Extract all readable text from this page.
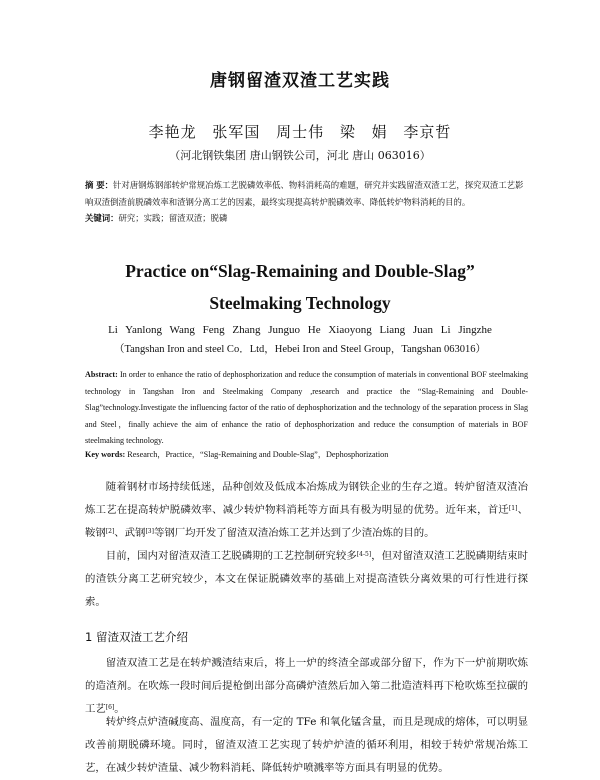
唐钢留渣双渣工艺实践
李艳龙 张军国 周士伟 梁 娟 李京哲
（河北钢铁集团 唐山钢铁公司，河北 唐山 063016）
摘 要：针对唐钢炼钢部转炉常规冶炼工艺脱磷效率低、物料消耗高的难题，研究并实践留渣双渣工艺，探究双渣工艺影响双渣倒渣前脱磷效率和渣钢分离工艺的因素，最终实现提高转炉脱磷效率、降低转炉物料消耗的目的。
关键词：研究；实践；留渣双渣；脱磷
Practice on“Slag-Remaining and Double-Slag”
Steelmaking Technology
Li Yanlong Wang Feng Zhang Junguo He Xiaoyong Liang Juan Li Jingzhe
（Tangshan Iron and steel Co．Ltd，Hebei Iron and Steel Group，Tangshan 063016）
Abstract: In order to enhance the ratio of dephosphorization and reduce the consumption of materials in conventional BOF steelmaking technology in Tangshan Iron and Steelmaking Company ,research and practice the “Slag-Remaining and Double-Slag”technology.Investigate the influencing factor of the ratio of dephosphorization and the technology of the separation process in Slag and Steel，finally achieve the aim of enhance the ratio of dephosphorization and reduce the consumption of materials in BOF steelmaking technology.
Key words: Research，Practice，“Slag-Remaining and Double-Slag”，Dephosphorization

随着钢材市场持续低迷，品种创效及低成本冶炼成为钢铁企业的生存之道。转炉留渣双渣冶炼工艺在提高转炉脱磷效率、减少转炉物料消耗等方面具有极为明显的优势。近年来，首迁[1]、鞍钢[2]、武钢[3]等钢厂均开发了留渣双渣冶炼工艺并达到了少渣冶炼的目的。

目前，国内对留渣双渣工艺脱磷期的工艺控制研究较多[4-5]，但对留渣双渣工艺脱磷期结束时的渣铁分离工艺研究较少，本文在保证脱磷效率的基础上对提高渣铁分离效果的可行性进行探索。

1 留渣双渣工艺介绍

留渣双渣工艺是在转炉溅渣结束后，将上一炉的终渣全部或部分留下，作为下一炉前期吹炼的造渣剂。在吹炼一段时间后提枪倒出部分高磷炉渣然后加入第二批造渣料再下枪吹炼至拉碳的工艺[6]。

转炉终点炉渣碱度高、温度高，有一定的 TFe 和氧化锰含量，而且是现成的熔体，可以明显改善前期脱磷环境。同时，留渣双渣工艺实现了转炉炉渣的循环利用，相较于转炉常规冶炼工艺，在减少转炉渣量、减少物料消耗、降低转炉喷溅率等方面具有明显的优势。
